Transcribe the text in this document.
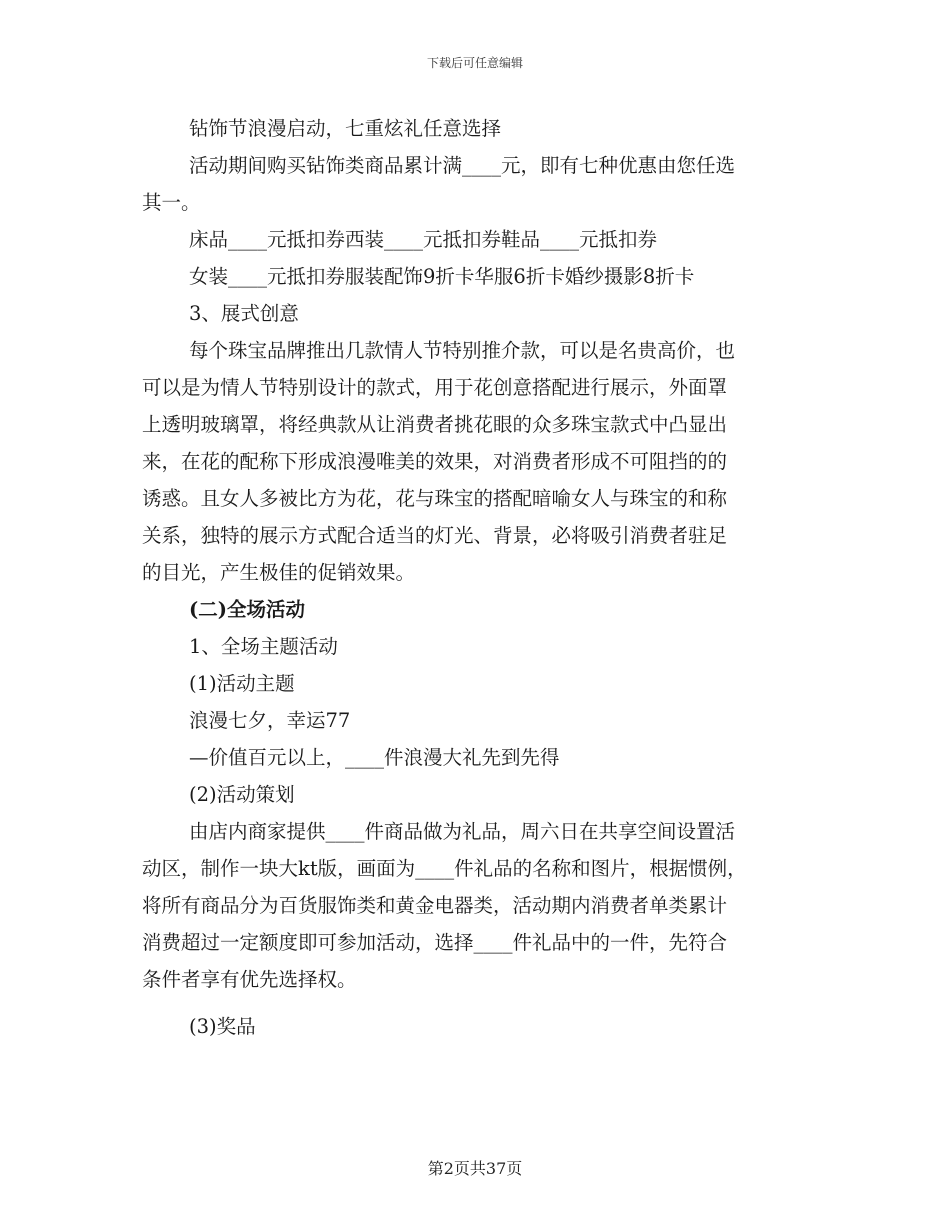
下载后可任意编辑
钻饰节浪漫启动，七重炫礼任意选择
活动期间购买钻饰类商品累计满____元，即有七种优惠由您任选
其一。
床品____元抵扣券西装____元抵扣券鞋品____元抵扣券
女装____元抵扣券服装配饰9折卡华服6折卡婚纱摄影8折卡
3、展式创意
每个珠宝品牌推出几款情人节特别推介款，可以是名贵高价，也
可以是为情人节特别设计的款式，用于花创意搭配进行展示，外面罩
上透明玻璃罩，将经典款从让消费者挑花眼的众多珠宝款式中凸显出
来，在花的配称下形成浪漫唯美的效果，对消费者形成不可阻挡的的
诱惑。且女人多被比方为花，花与珠宝的搭配暗喻女人与珠宝的和称
关系，独特的展示方式配合适当的灯光、背景，必将吸引消费者驻足
的目光，产生极佳的促销效果。
(二)全场活动
1、全场主题活动
(1)活动主题
浪漫七夕，幸运77
—价值百元以上，____件浪漫大礼先到先得
(2)活动策划
由店内商家提供____件商品做为礼品，周六日在共享空间设置活
动区，制作一块大kt版，画面为____件礼品的名称和图片，根据惯例，
将所有商品分为百货服饰类和黄金电器类，活动期内消费者单类累计
消费超过一定额度即可参加活动，选择____件礼品中的一件，先符合
条件者享有优先选择权。
(3)奖品
第2页共37页
